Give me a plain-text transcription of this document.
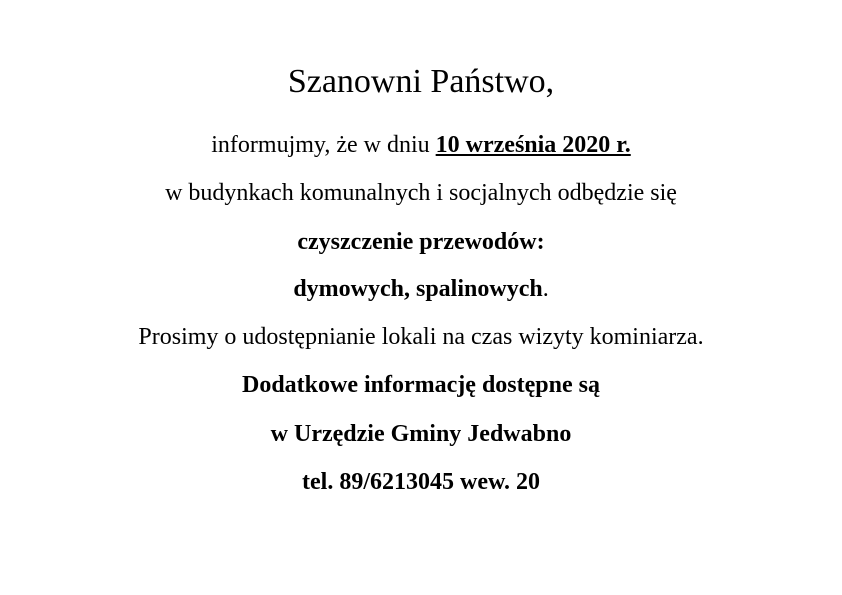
Szanowni Państwo,
informujmy, że w dniu 10 września 2020 r.
w budynkach komunalnych i socjalnych odbędzie się
czyszczenie przewodów:
dymowych, spalinowych.
Prosimy o udostępnianie lokali na czas wizyty kominiarza.
Dodatkowe informację dostępne są
w Urzędzie Gminy Jedwabno
tel. 89/6213045 wew. 20
